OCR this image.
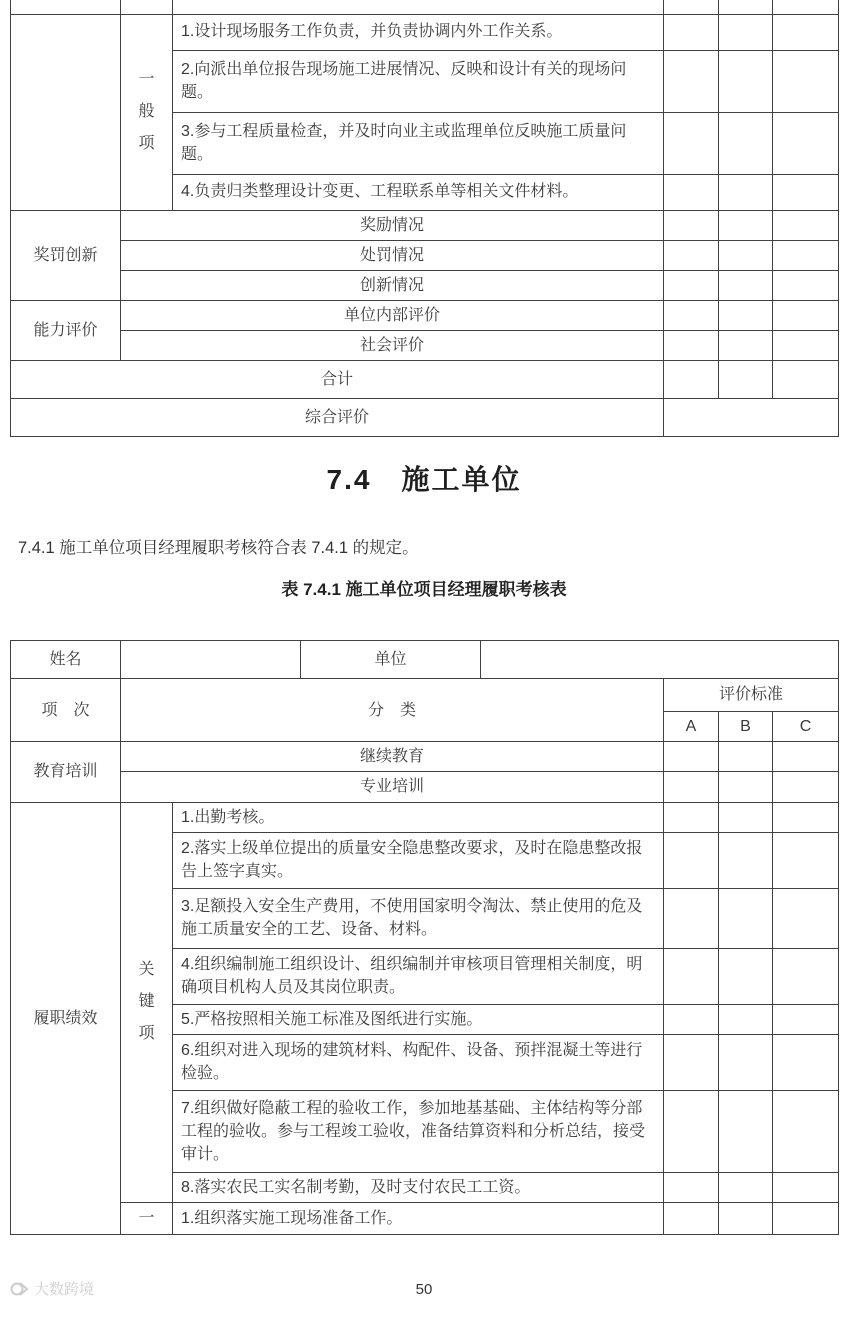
	一般项	1.设计现场服务工作负责，并负责协调内外工作关系。			
		2.向派出单位报告现场施工进展情况、反映和设计有关的现场问题。			
		3.参与工程质量检查，并及时向业主或监理单位反映施工质量问题。			
		4.负责归类整理设计变更、工程联系单等相关文件材料。			
奖罚创新	奖励情况				
	处罚情况				
	创新情况				
能力评价	单位内部评价				
	社会评价				
合计					
综合评价					
7.4　施工单位
7.4.1 施工单位项目经理履职考核符合表 7.4.1 的规定。
表 7.4.1 施工单位项目经理履职考核表
姓名			单位				
项　次	分　类				评价标准		
					A	B	C
教育培训	继续教育						
	专业培训						
履职绩效	关键项	1.出勤考核。					
		2.落实上级单位提出的质量安全隐患整改要求，及时在隐患整改报告上签字真实。					
		3.足额投入安全生产费用，不使用国家明令淘汰、禁止使用的危及施工质量安全的工艺、设备、材料。					
		4.组织编制施工组织设计、组织编制并审核项目管理相关制度，明确项目机构人员及其岗位职责。					
		5.严格按照相关施工标准及图纸进行实施。					
		6.组织对进入现场的建筑材料、构配件、设备、预拌混凝土等进行检验。					
		7.组织做好隐蔽工程的验收工作，参加地基基础、主体结构等分部工程的验收。参与工程竣工验收，准备结算资料和分析总结，接受审计。					
		8.落实农民工实名制考勤，及时支付农民工工资。					
	一	1.组织落实施工现场准备工作。					
50
大数跨境
